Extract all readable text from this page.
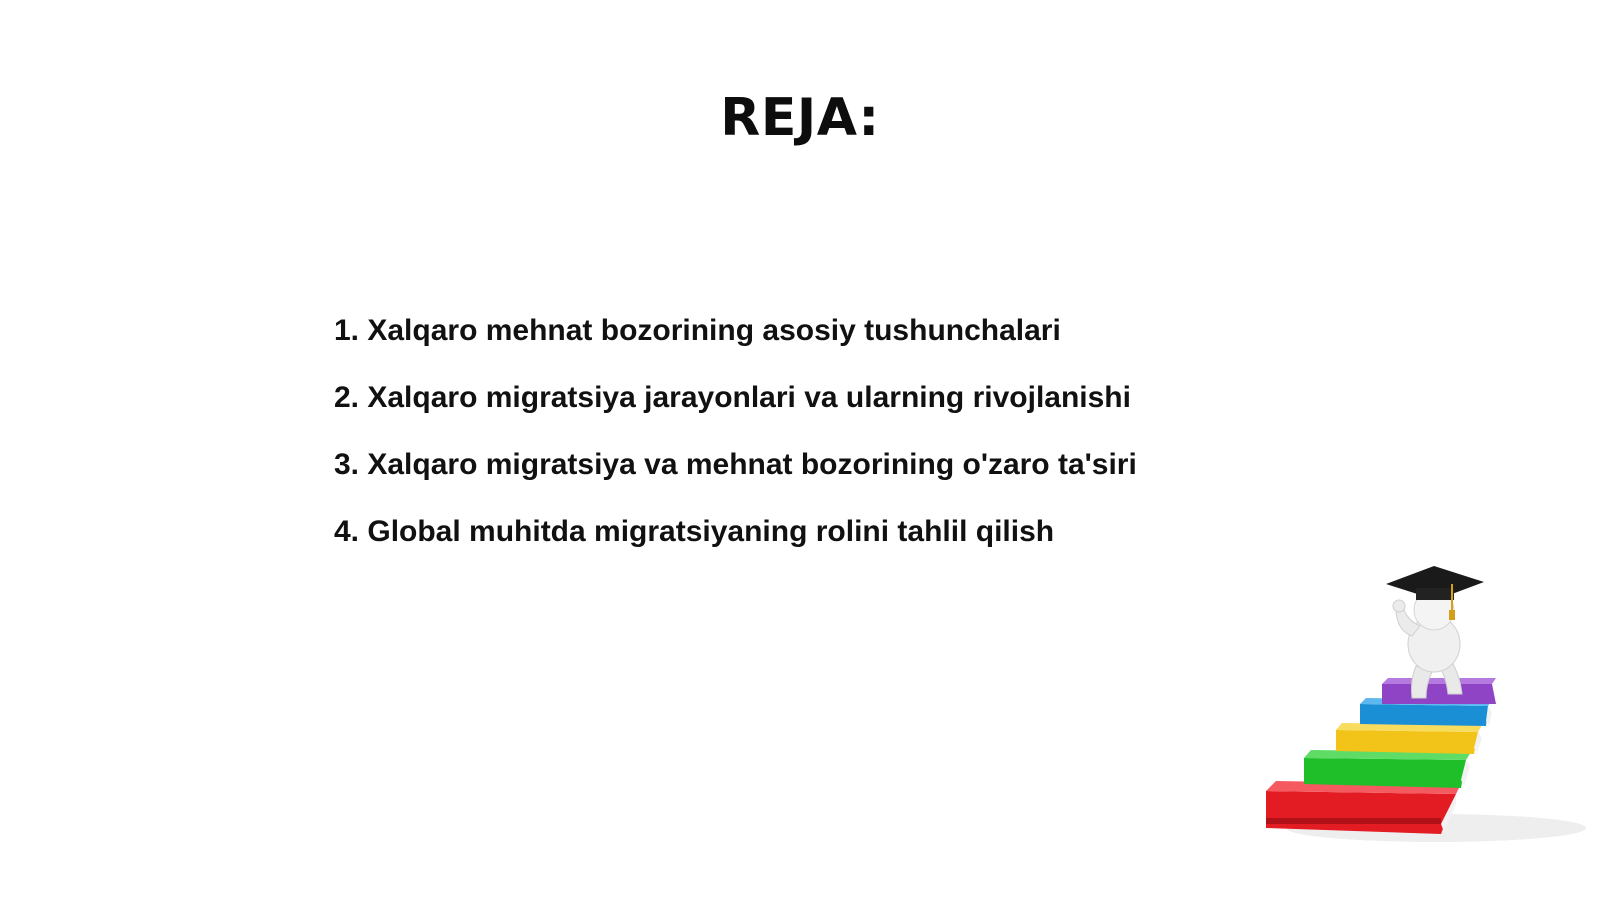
REJA:
1. Xalqaro mehnat bozorining asosiy tushunchalari
2. Xalqaro migratsiya jarayonlari va ularning rivojlanishi
3. Xalqaro migratsiya va mehnat bozorining o'zaro ta'siri
4. Global muhitda migratsiyaning rolini tahlil qilish
